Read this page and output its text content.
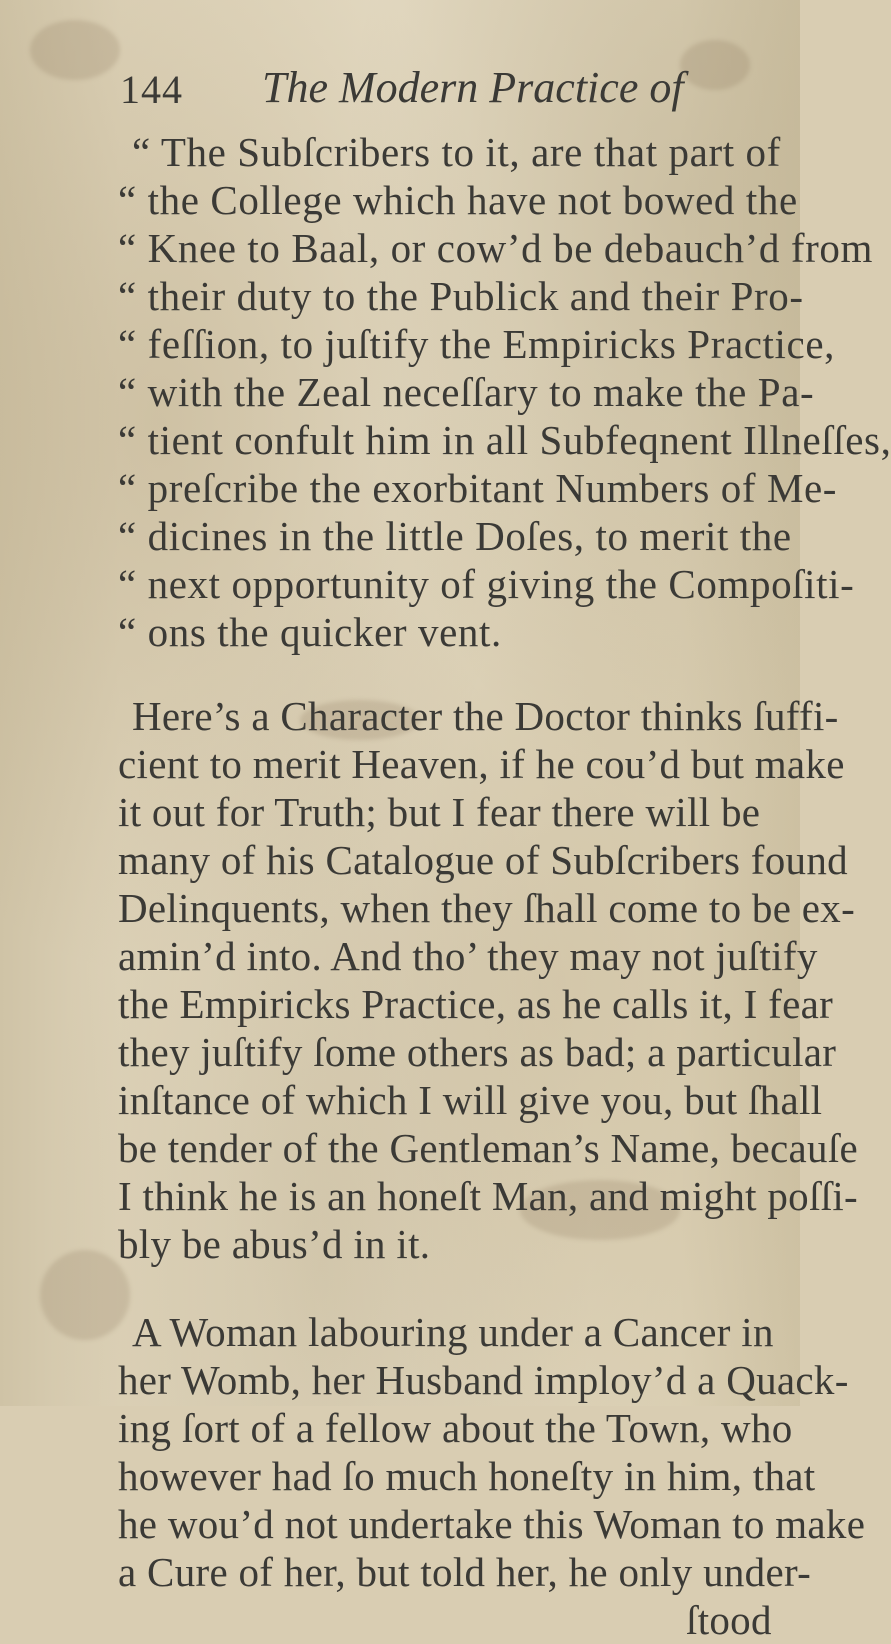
144 The Modern Practice of
“ The Subſcribers to it, are that part of
“ the College which have not bowed the
“ Knee to Baal, or cow’d be debauch’d from
“ their duty to the Publick and their Pro-
“ feſſion, to juſtify the Empiricks Practice,
“ with the Zeal neceſſary to make the Pa-
“ tient confult him in all Subfeqnent Illneſſes,
“ preſcribe the exorbitant Numbers of Me-
“ dicines in the little Doſes, to merit the
“ next opportunity of giving the Compoſiti-
“ ons the quicker vent.
Here’s a Character the Doctor thinks ſuffi-
cient to merit Heaven, if he cou’d but make
it out for Truth; but I fear there will be
many of his Catalogue of Subſcribers found
Delinquents, when they ſhall come to be ex-
amin’d into. And tho’ they may not juſtify
the Empiricks Practice, as he calls it, I fear
they juſtify ſome others as bad; a particular
inſtance of which I will give you, but ſhall
be tender of the Gentleman’s Name, becauſe
I think he is an honeſt Man, and might poſſi-
bly be abus’d in it.
A Woman labouring under a Cancer in
her Womb, her Husband imploy’d a Quack-
ing ſort of a fellow about the Town, who
however had ſo much honeſty in him, that
he wou’d not undertake this Woman to make
a Cure of her, but told her, he only under-
ſtood
